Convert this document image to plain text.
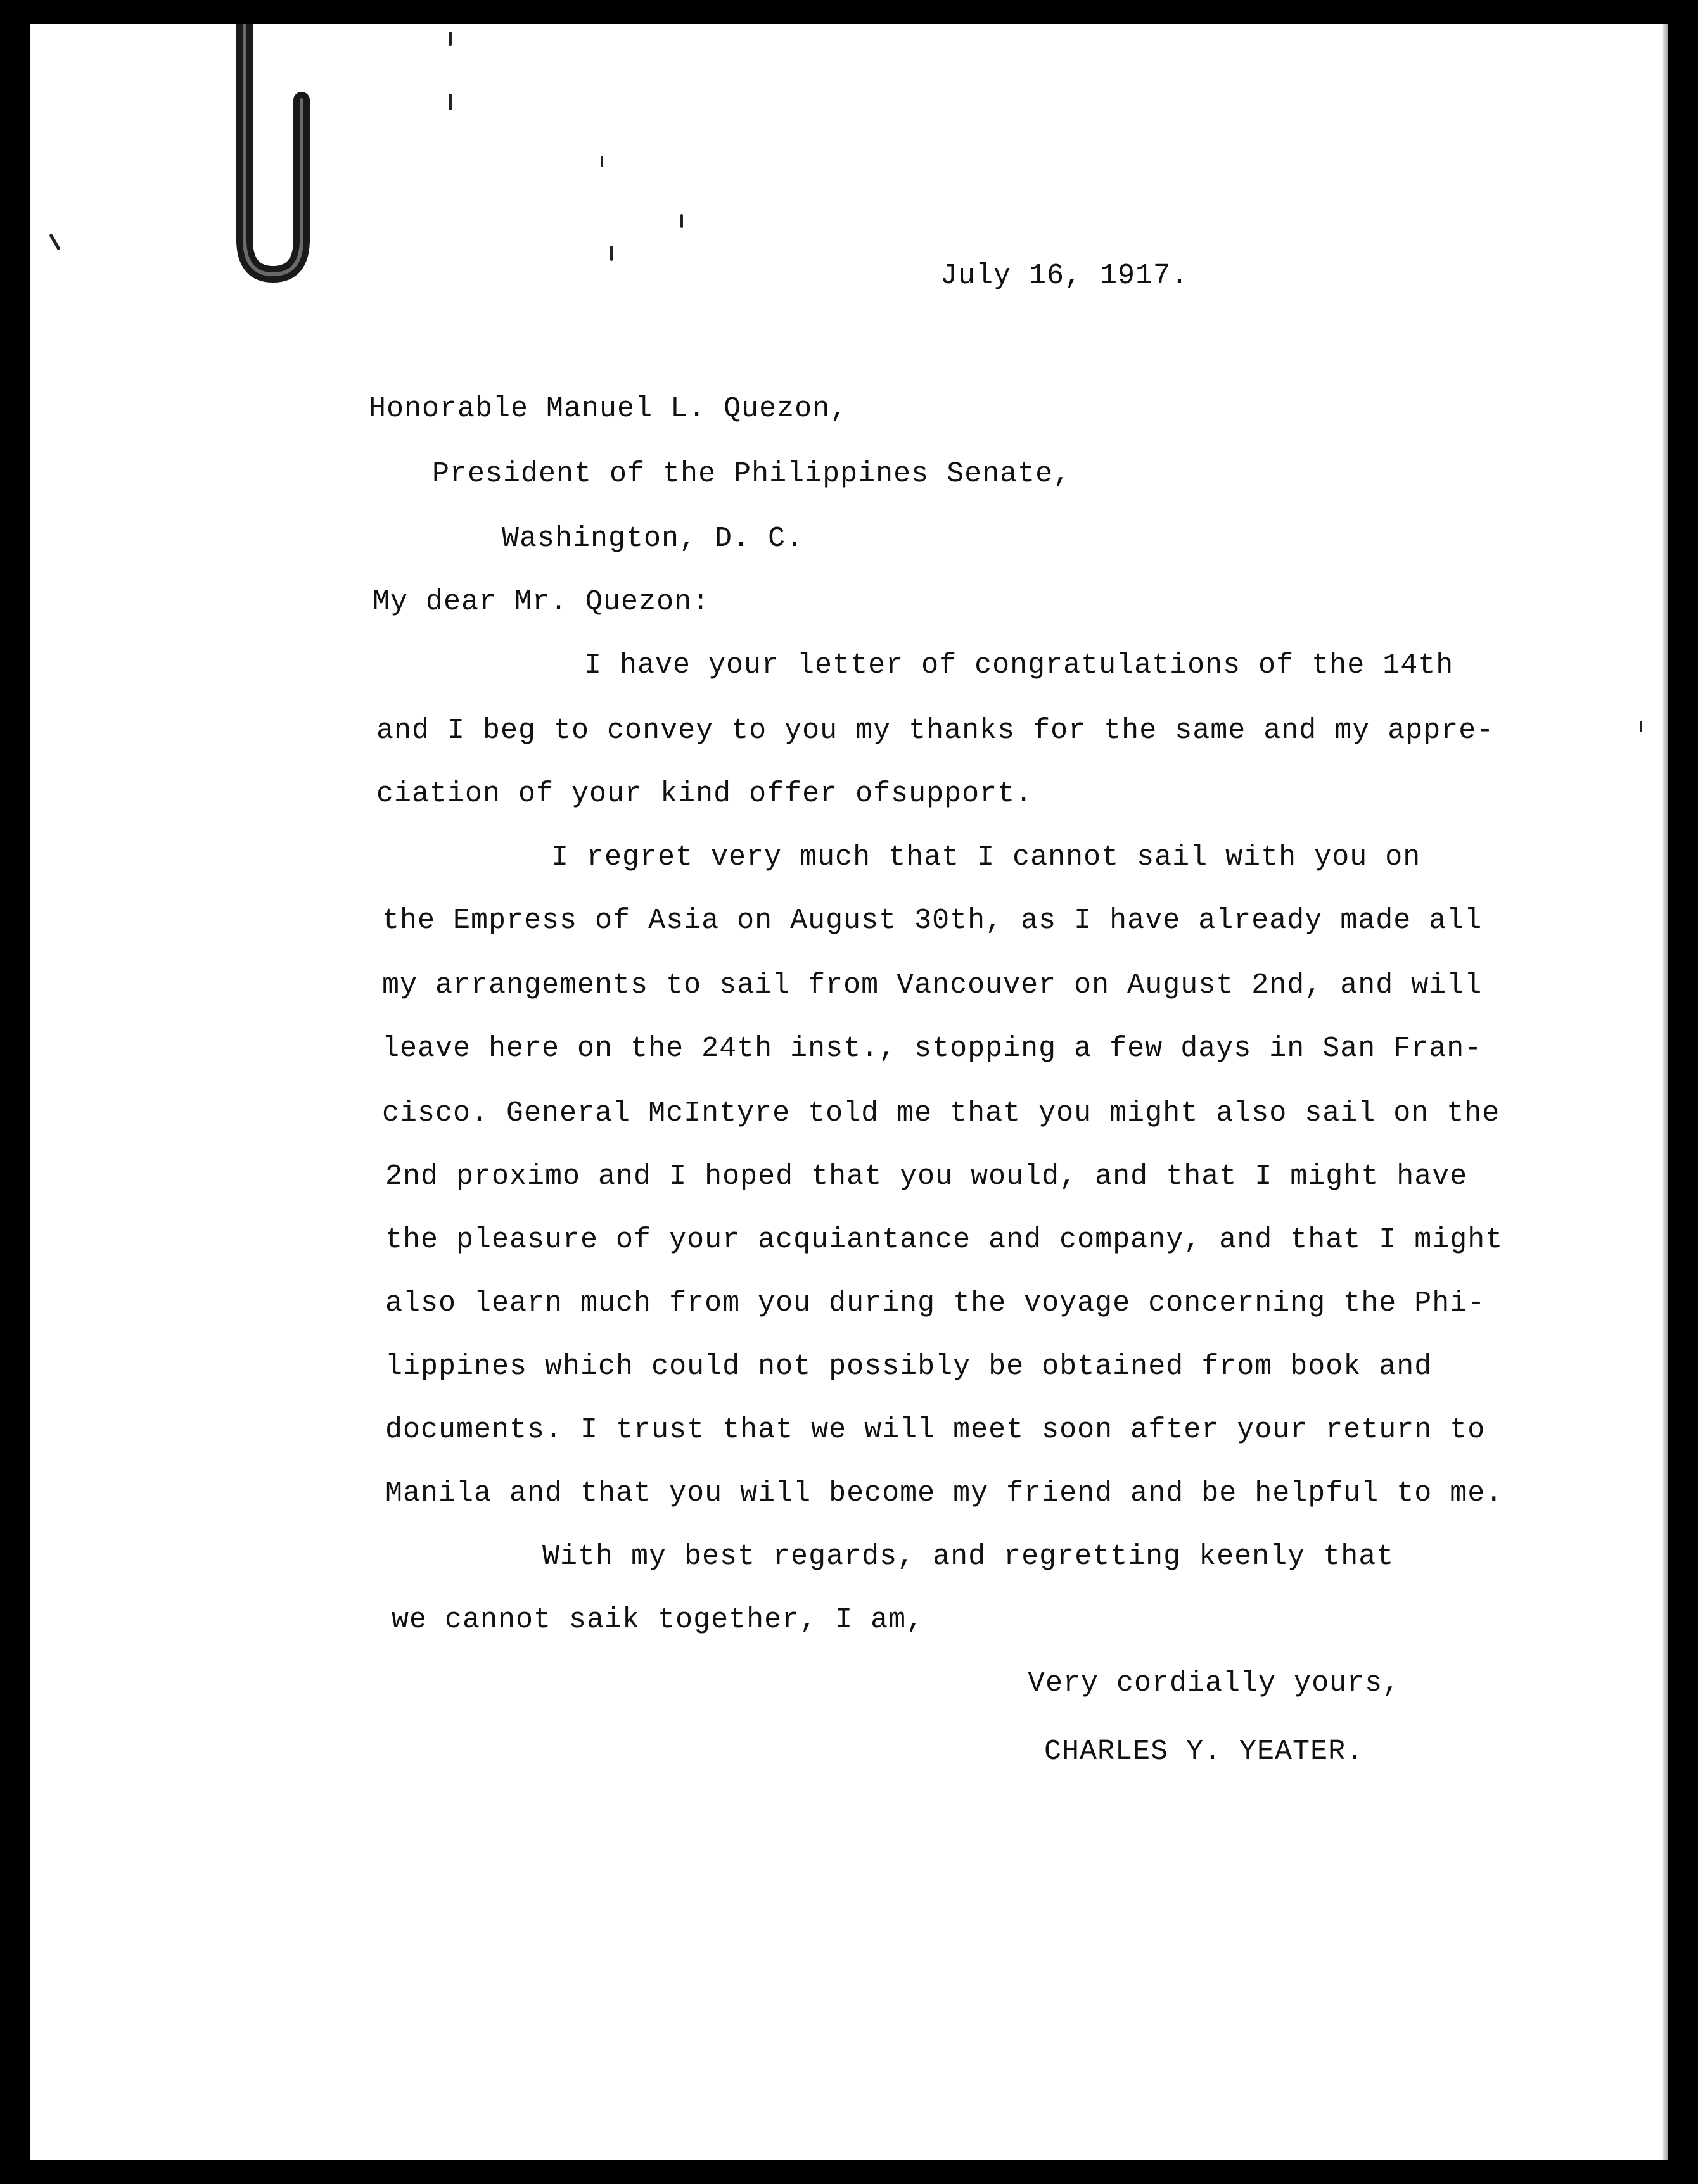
July 16, 1917.
Honorable Manuel L. Quezon,
President of the Philippines Senate,
Washington, D. C.
My dear Mr. Quezon:
I have your letter of congratulations of the 14th
and I beg to convey to you my thanks for the same and my appre-
ciation of your kind offer ofsupport.
I regret very much that I cannot sail with you on
the Empress of Asia on August 30th, as I have already made all
my arrangements to sail from Vancouver on August 2nd, and will
leave here on the 24th inst., stopping a few days in San Fran-
cisco. General McIntyre told me that you might also sail on the
2nd proximo and I hoped that you would, and that I might have
the pleasure of your acquiantance and company, and that I might
also learn much from you during the voyage concerning the Phi-
lippines which could not possibly be obtained from book and
documents. I trust that we will meet soon after your return to
Manila and that you will become my friend and be helpful to me.
With my best regards, and regretting keenly that
we cannot saik together, I am,
Very cordially yours,
CHARLES Y. YEATER.
